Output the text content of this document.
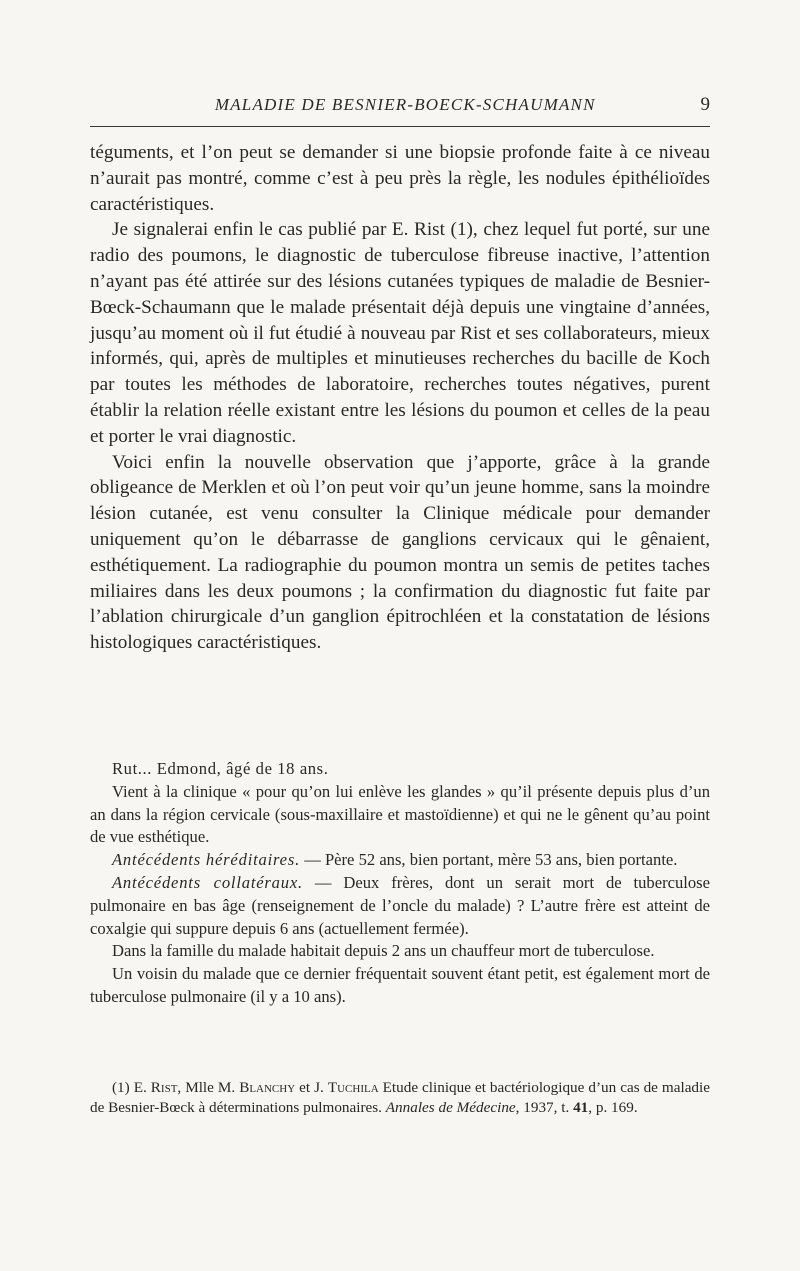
MALADIE DE BESNIER-BOECK-SCHAUMANN	9

téguments, et l’on peut se demander si une biopsie profonde faite à ce niveau n’aurait pas montré, comme c’est à peu près la règle, les nodules épithélioïdes caractéristiques.

Je signalerai enfin le cas publié par E. Rist (1), chez lequel fut porté, sur une radio des poumons, le diagnostic de tuberculose fibreuse inactive, l’attention n’ayant pas été attirée sur des lésions cutanées typiques de maladie de Besnier-Bœck-Schaumann que le malade présentait déjà depuis une vingtaine d’années, jusqu’au moment où il fut étudié à nouveau par Rist et ses collaborateurs, mieux informés, qui, après de multiples et minutieuses recherches du bacille de Koch par toutes les méthodes de laboratoire, recherches toutes négatives, purent établir la relation réelle existant entre les lésions du poumon et celles de la peau et porter le vrai diagnostic.

Voici enfin la nouvelle observation que j’apporte, grâce à la grande obligeance de Merklen et où l’on peut voir qu’un jeune homme, sans la moindre lésion cutanée, est venu consulter la Clinique médicale pour demander uniquement qu’on le débarrasse de ganglions cervicaux qui le gênaient, esthétiquement. La radiographie du poumon montra un semis de petites taches miliaires dans les deux poumons ; la confirmation du diagnostic fut faite par l’ablation chirurgicale d’un ganglion épitrochléen et la constatation de lésions histologiques caractéristiques.

Rut... Edmond, âgé de 18 ans.

Vient à la clinique « pour qu’on lui enlève les glandes » qu’il présente depuis plus d’un an dans la région cervicale (sous-maxillaire et mastoïdienne) et qui ne le gênent qu’au point de vue esthétique.

Antécédents héréditaires. — Père 52 ans, bien portant, mère 53 ans, bien portante.

Antécédents collatéraux. — Deux frères, dont un serait mort de tuberculose pulmonaire en bas âge (renseignement de l’oncle du malade) ? L’autre frère est atteint de coxalgie qui suppure depuis 6 ans (actuellement fermée).

Dans la famille du malade habitait depuis 2 ans un chauffeur mort de tuberculose.

Un voisin du malade que ce dernier fréquentait souvent étant petit, est également mort de tuberculose pulmonaire (il y a 10 ans).

(1) E. Rist, Mlle M. Blanchy et J. Tuchila Etude clinique et bactériologique d’un cas de maladie de Besnier-Bœck à déterminations pulmonaires. Annales de Médecine, 1937, t. 41, p. 169.
